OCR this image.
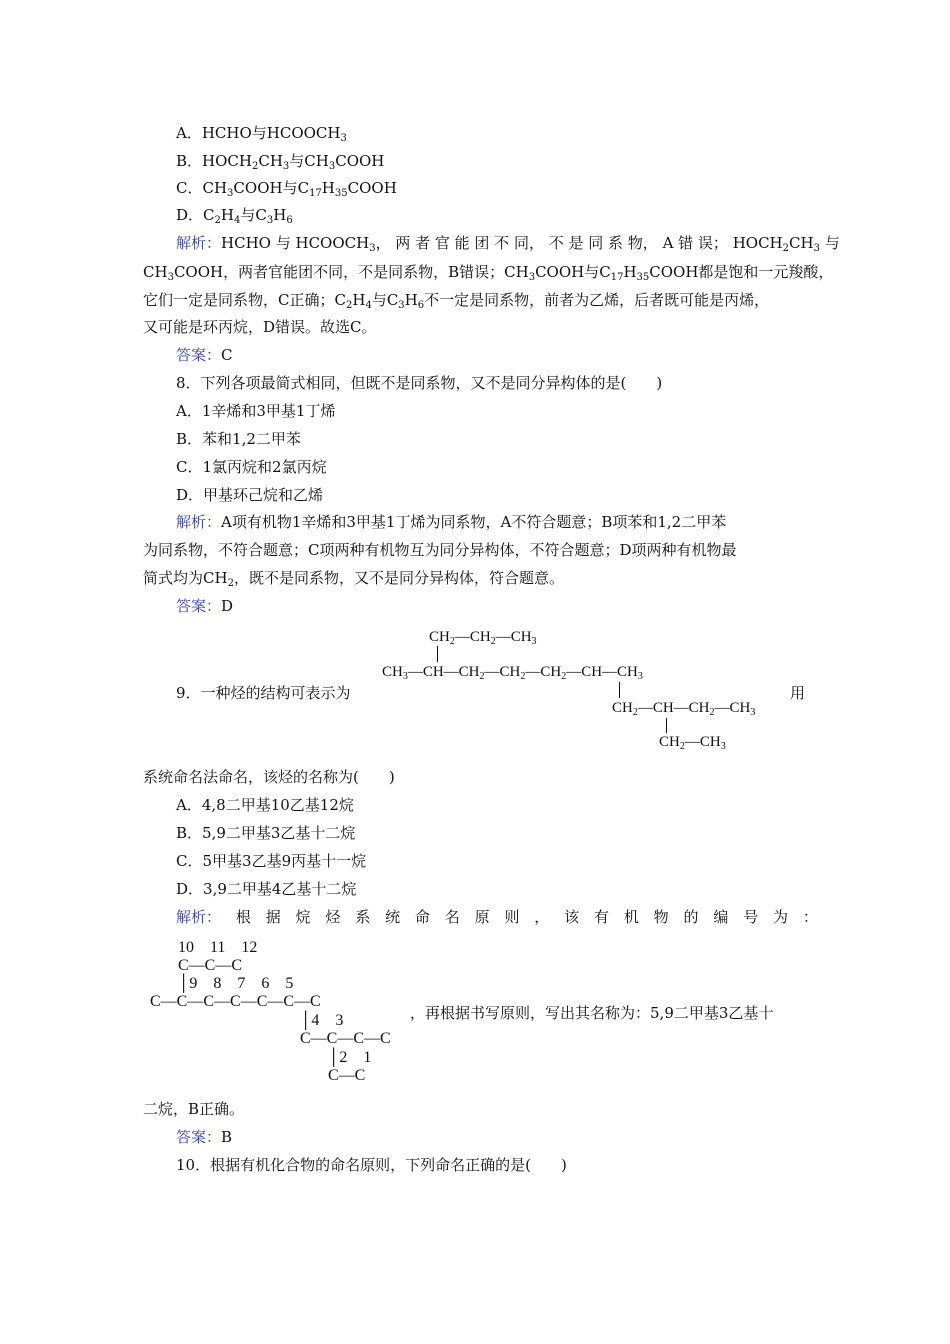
A．HCHO与$HCOOCH_3$
B．$HOCH_2CH_3$与$CH_3COOH$
C．$CH_3COOH$与$C_{17}H_{35}COOH$
D．$C_2H_4$与$C_3H_6$
解析：HCHO 与 $HCOOCH_3$， 两 者 官 能 团 不 同， 不 是 同 系 物， A 错 误； $HOCH_2CH_3$ 与
$CH_3COOH$，两者官能团不同，不是同系物，B错误；$CH_3COOH$与$C_{17}H_{35}COOH$都是饱和一元羧酸，
它们一定是同系物，C正确；$C_2H_4$与$C_3H_6$不一定是同系物，前者为乙烯，后者既可能是丙烯，
又可能是环丙烷，D错误。故选C。
答案：C
8．下列各项最简式相同，但既不是同系物，又不是同分异构体的是(　　)
A．1辛烯和3甲基1丁烯
B．苯和1,2二甲苯
C．1氯丙烷和2氯丙烷
D．甲基环己烷和乙烯
解析：A项有机物1辛烯和3甲基1丁烯为同系物，A不符合题意；B项苯和1,2二甲苯
为同系物，不符合题意；C项两种有机物互为同分异构体，不符合题意；D项两种有机物最
简式均为$CH_2$，既不是同系物，又不是同分异构体，符合题意。
答案：D
9．一种烃的结构可表示为
$CH_2—CH_2—CH_3$
$CH_3—CH—CH_2—CH_2—CH_2—CH—CH_3$
$CH_2—CH—CH_2—CH_3$
$CH_2—CH_3$
用
系统命名法命名，该烃的名称为(　　)
A．4,8二甲基10乙基12烷
B．5,9二甲基3乙基十二烷
C．5甲基3乙基9丙基十一烷
D．3,9二甲基4乙基十二烷
解析： 根 据 烷 烃 系 统 命 名 原 则 ， 该 有 机 物 的 编 号 为 ：
10　11　12
C—C—C
│9　8　7　6　5
C—C—C—C—C—C—C
│4　3
C—C—C—C
│2　1
C—C
，再根据书写原则，写出其名称为：5,9二甲基3乙基十
二烷，B正确。
答案：B
10．根据有机化合物的命名原则，下列命名正确的是(　　)
